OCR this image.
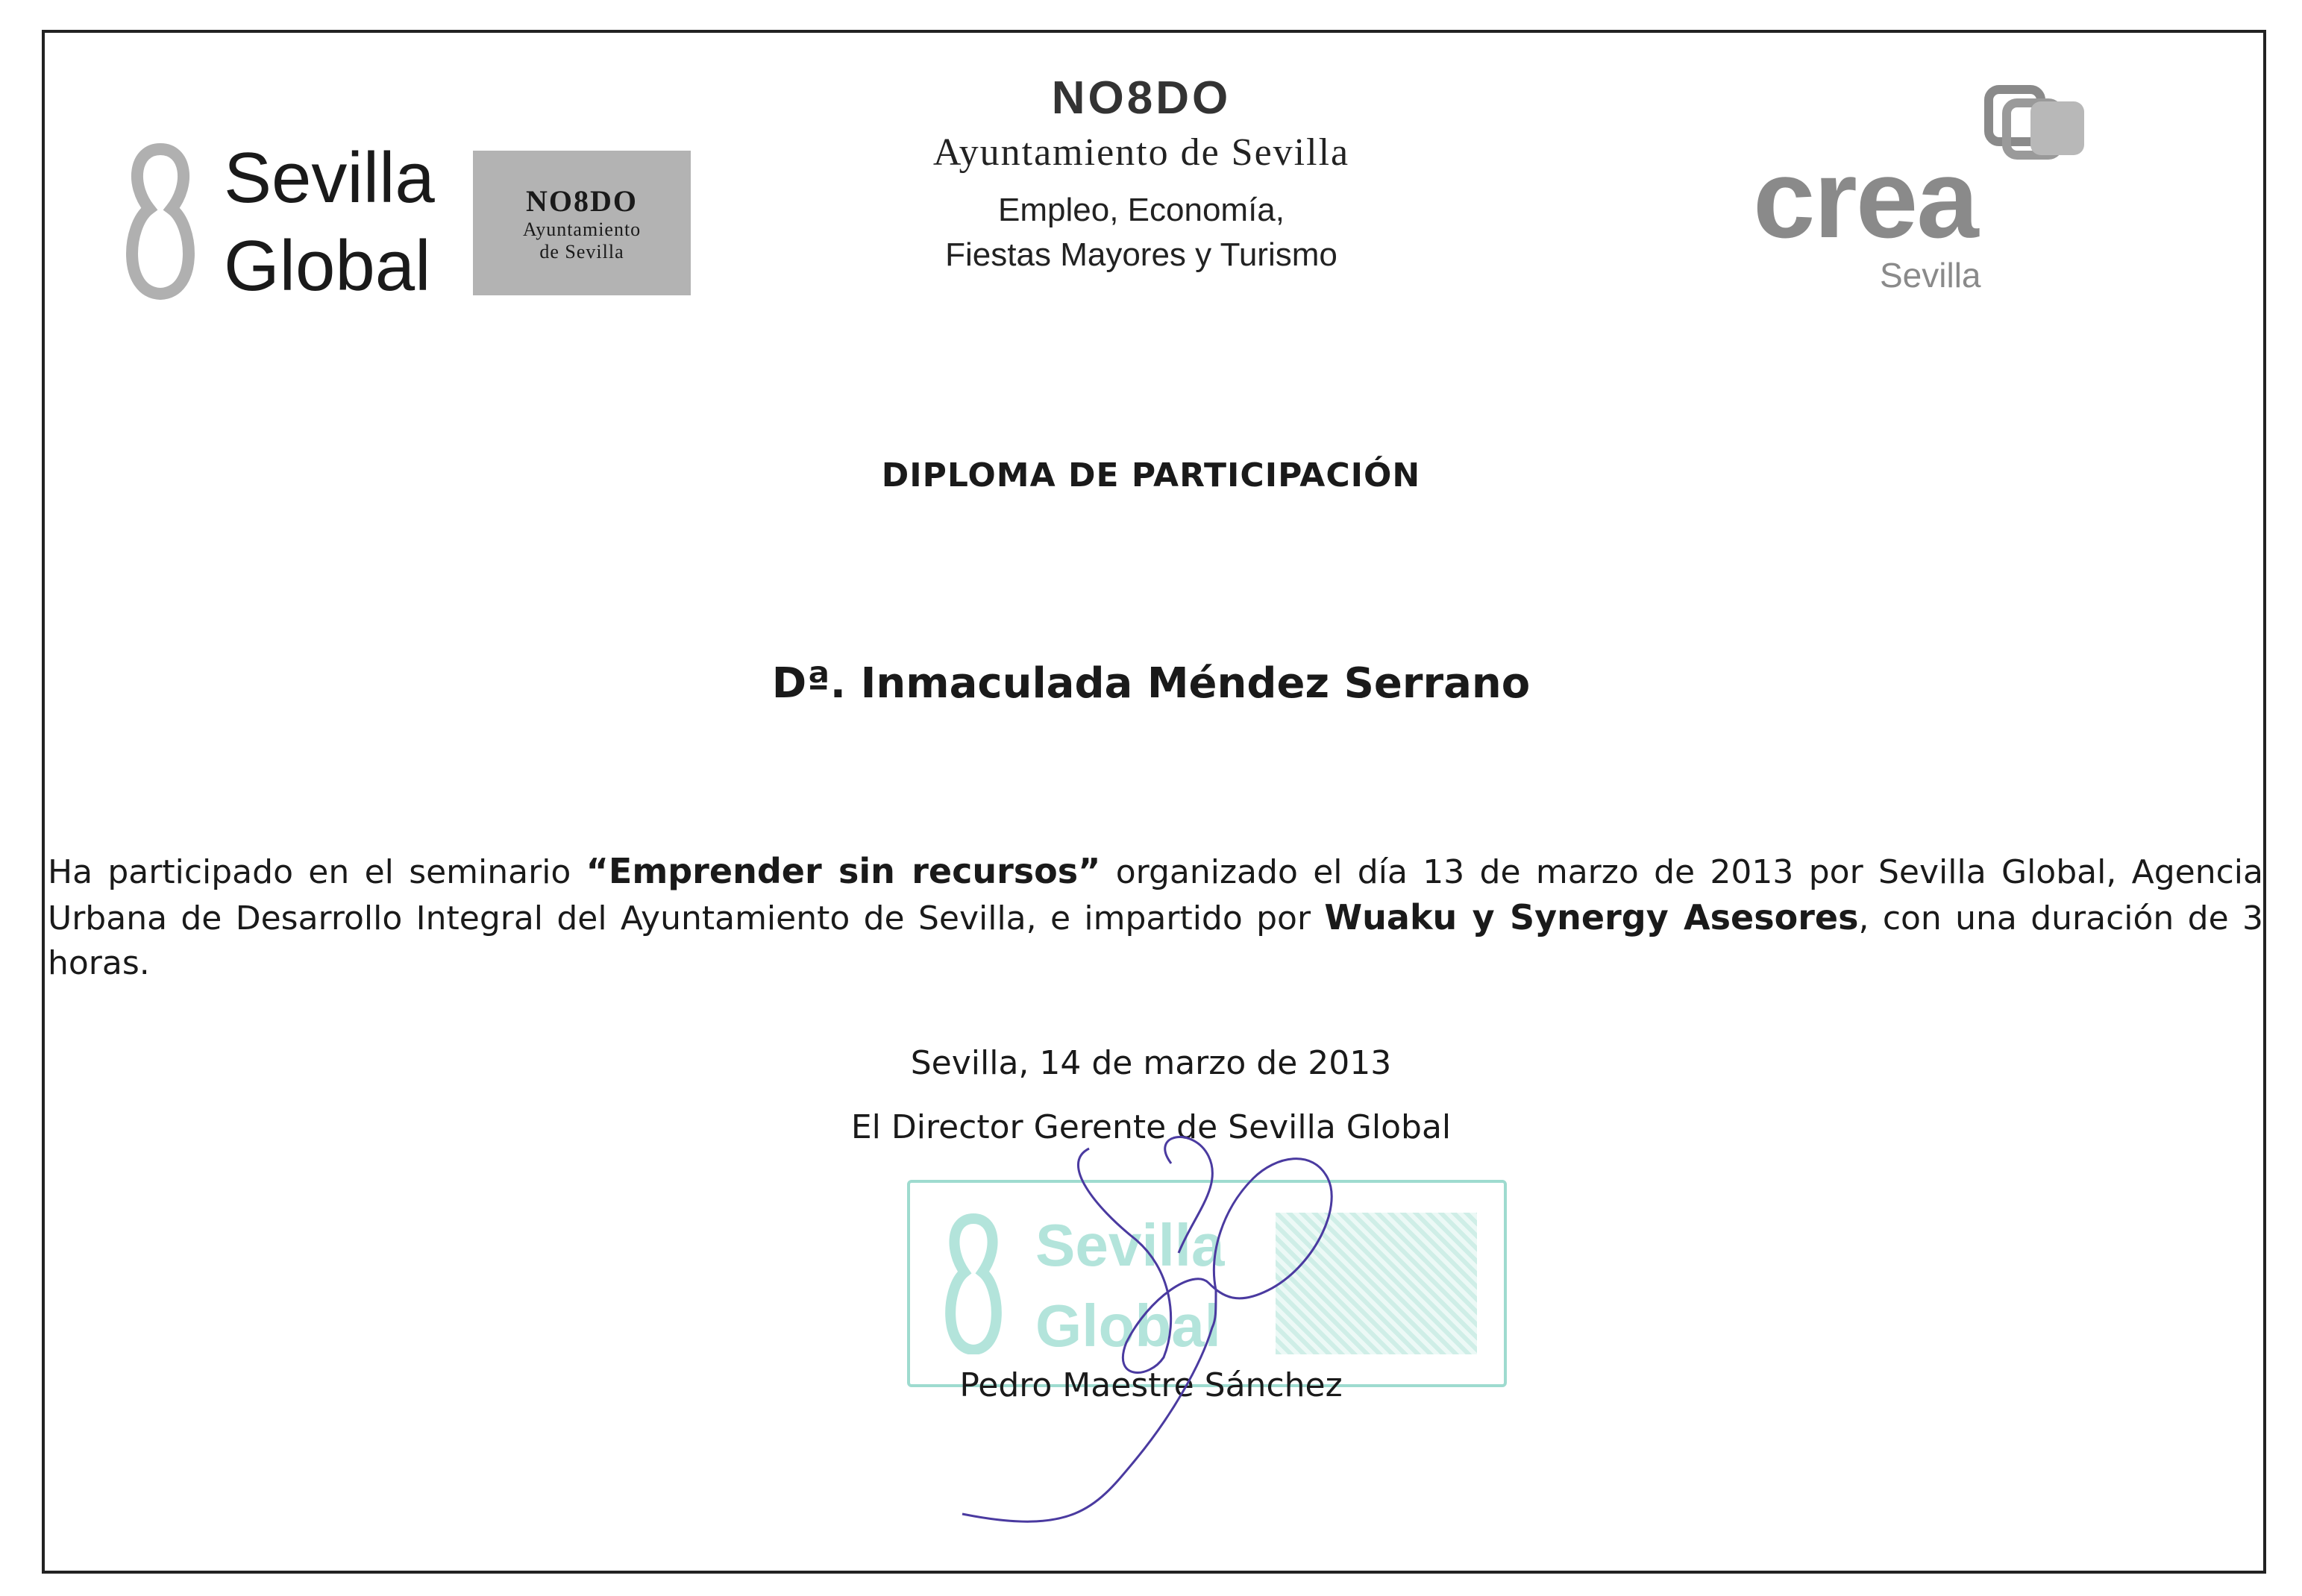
Sevilla
Global
NO8DO
Ayuntamiento
de Sevilla
NO8DO
Ayuntamiento de Sevilla
Empleo, Economía,
Fiestas Mayores y Turismo	crea
Sevilla
DIPLOMA DE PARTICIPACIÓN
Dª. Inmaculada Méndez Serrano
Ha participado en el seminario “Emprender sin recursos” organizado el día 13 de marzo de 2013 por Sevilla Global, Agencia Urbana de Desarrollo Integral del Ayuntamiento de Sevilla, e impartido por Wuaku y Synergy Asesores, con una duración de 3 horas.
Sevilla, 14 de marzo de 2013
El Director Gerente de Sevilla Global
Sevilla
Global
Pedro Maestre Sánchez
